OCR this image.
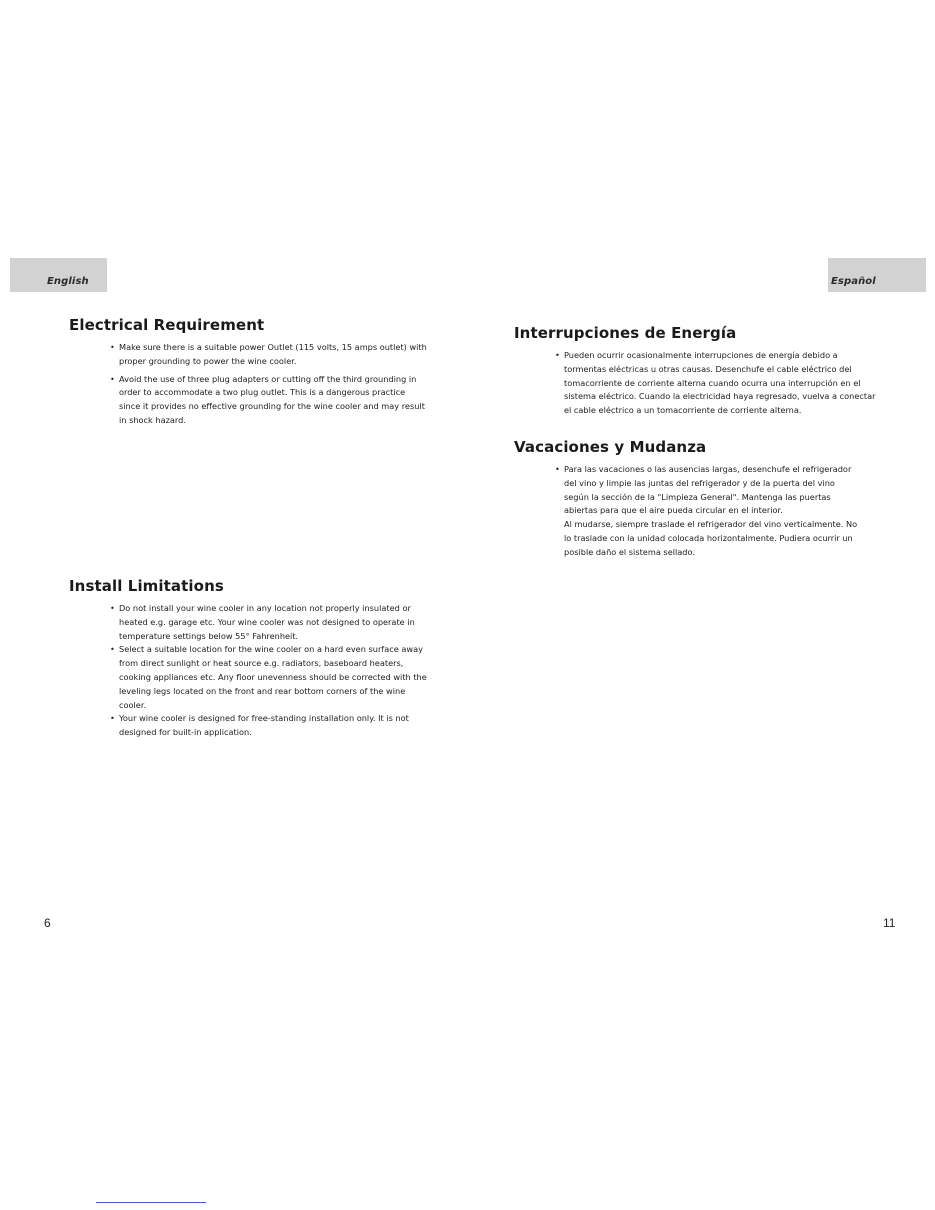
English	Español
Electrical Requirement
• Make sure there is a suitable power Outlet (115 volts, 15 amps outlet) with proper grounding to power the wine cooler.
• Avoid the use of three plug adapters or cutting off the third grounding in order to accommodate a two plug outlet. This is a dangerous practice since it provides no effective grounding for the wine cooler and may result in shock hazard.
Install Limitations
• Do not install your wine cooler in any location not properly insulated or heated e.g. garage etc. Your wine cooler was not designed to operate in temperature settings below 55° Fahrenheit.
• Select a suitable location for the wine cooler on a hard even surface away from direct sunlight or heat source e.g. radiators, baseboard heaters, cooking appliances etc. Any floor unevenness should be corrected with the leveling legs located on the front and rear bottom corners of the wine cooler.
• Your wine cooler is designed for free-standing installation only. It is not designed for built-in application.
Interrupciones de Energía
• Pueden ocurrir ocasionalmente interrupciones de energía debido a tormentas eléctricas u otras causas. Desenchufe el cable eléctrico del tomacorriente de corriente alterna cuando ocurra una interrupción en el sistema eléctrico. Cuando la electricidad haya regresado, vuelva a conectar el cable eléctrico a un tomacorriente de corriente alterna.
Vacaciones y Mudanza
• Para las vacaciones o las ausencias largas, desenchufe el refrigerador del vino y limpie las juntas del refrigerador y de la puerta del vino según la sección de la "Limpieza General". Mantenga las puertas abiertas para que el aire pueda circular en el interior.
Al mudarse, siempre traslade el refrigerador del vino verticalmente. No lo traslade con la unidad colocada horizontalmente. Pudiera ocurrir un posible daño el sistema sellado.
6	11
